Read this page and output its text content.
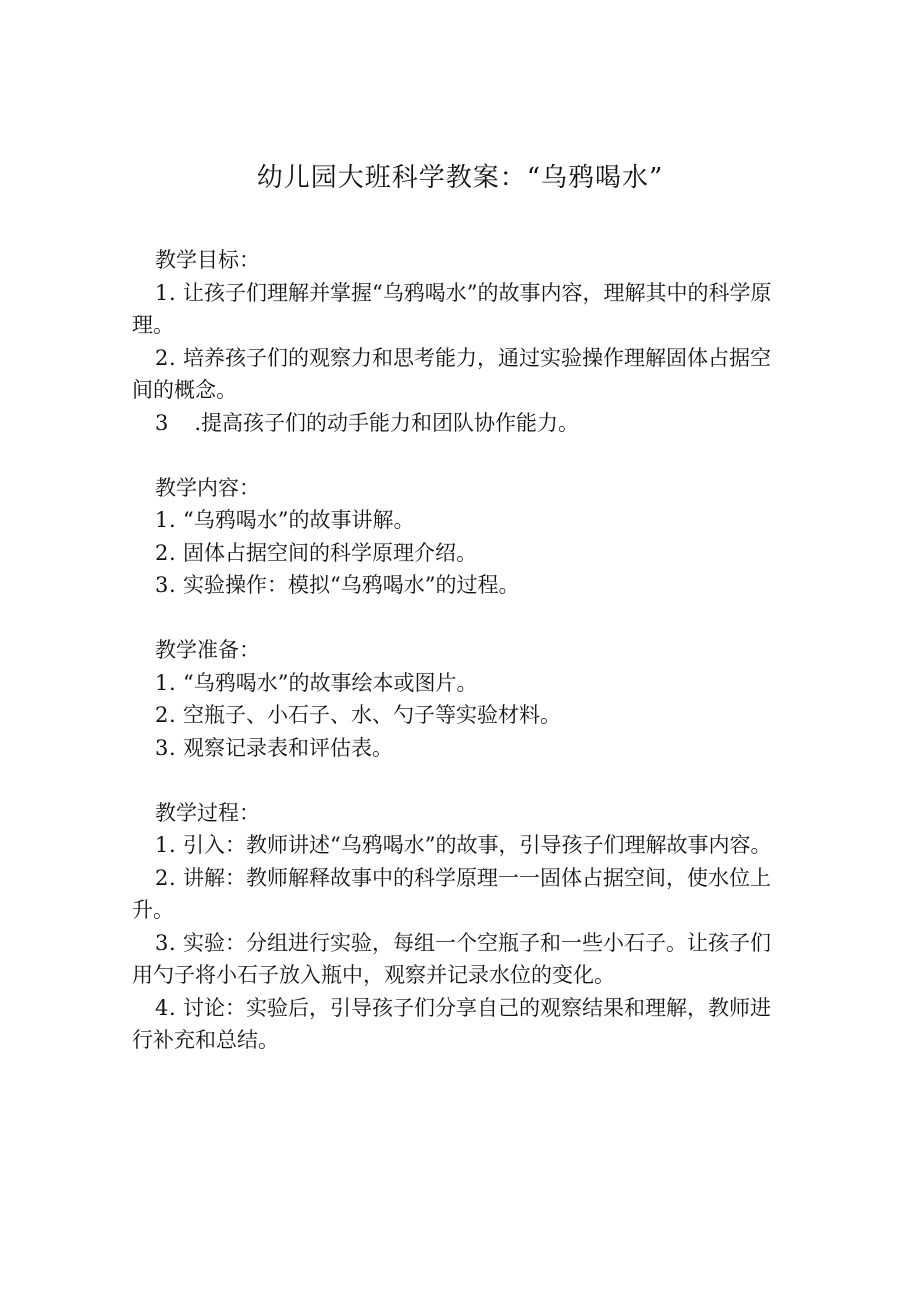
幼儿园大班科学教案：“乌鸦喝水”
教学目标：
1. 让孩子们理解并掌握“乌鸦喝水”的故事内容，理解其中的科学原理。
2. 培养孩子们的观察力和思考能力，通过实验操作理解固体占据空间的概念。
3 .提高孩子们的动手能力和团队协作能力。
教学内容：
1. “乌鸦喝水”的故事讲解。
2. 固体占据空间的科学原理介绍。
3. 实验操作：模拟“乌鸦喝水”的过程。
教学准备：
1. “乌鸦喝水”的故事绘本或图片。
2. 空瓶子、小石子、水、勺子等实验材料。
3. 观察记录表和评估表。
教学过程：
1. 引入：教师讲述“乌鸦喝水”的故事，引导孩子们理解故事内容。
2. 讲解：教师解释故事中的科学原理一一固体占据空间，使水位上升。
3. 实验：分组进行实验，每组一个空瓶子和一些小石子。让孩子们用勺子将小石子放入瓶中，观察并记录水位的变化。
4. 讨论：实验后，引导孩子们分享自己的观察结果和理解，教师进行补充和总结。
